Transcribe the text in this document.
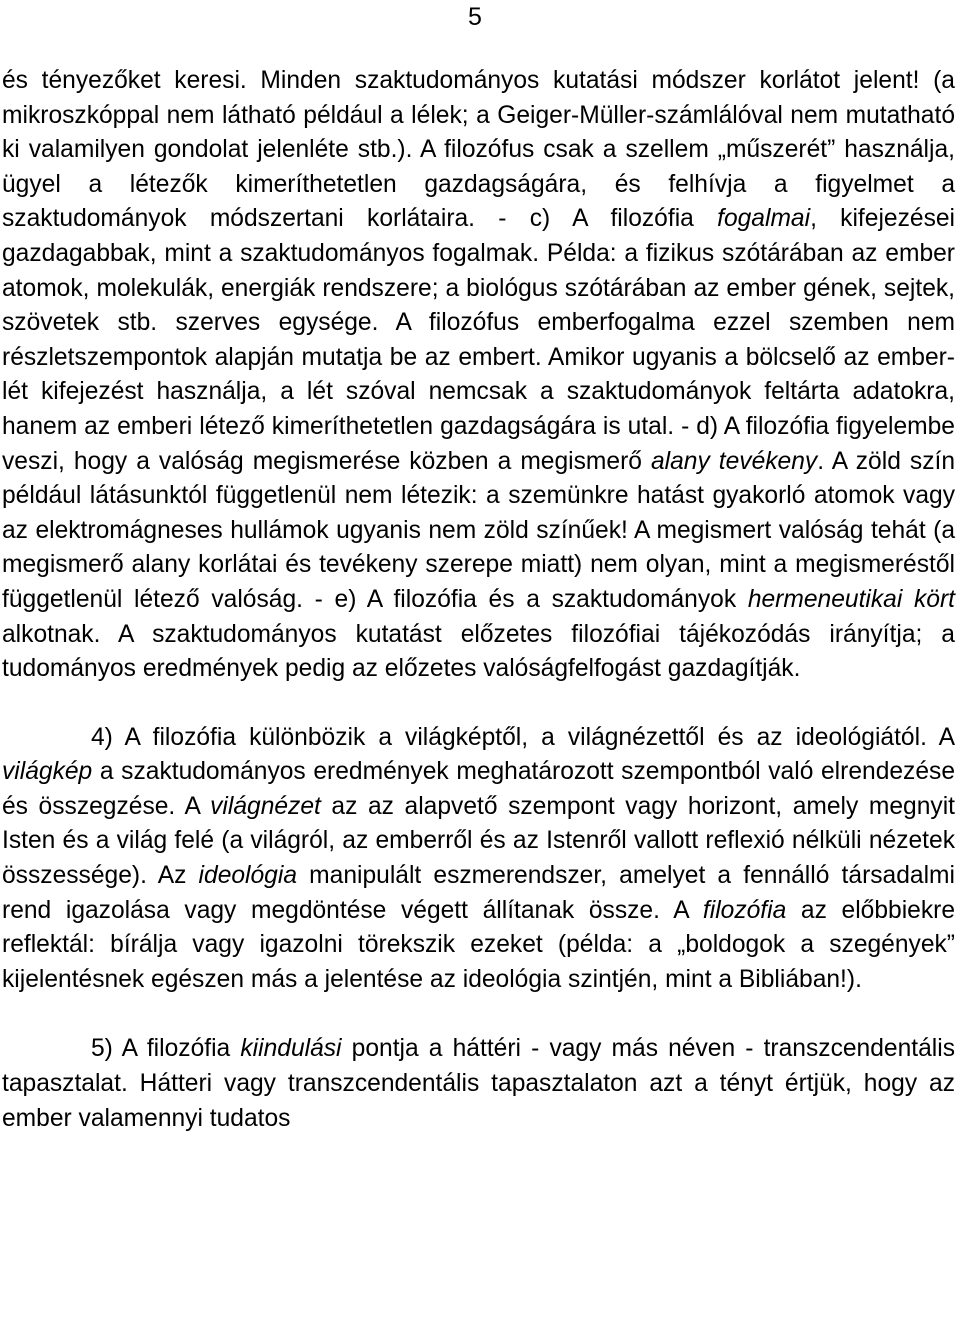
5

és tényezőket keresi. Minden szaktudományos kutatási módszer korlátot jelent! (a mikroszkóppal nem látható például a lélek; a Geiger-Müller-számlálóval nem mutatható ki valamilyen gondolat jelenléte stb.). A filozófus csak a szellem „műszerét” használja, ügyel a létezők kimeríthetetlen gazdagságára, és felhívja a figyelmet a szaktudományok módszertani korlátaira. - c) A filozófia fogalmai, kifejezései gazdagabbak, mint a szaktudományos fogalmak. Példa: a fizikus szótárában az ember atomok, molekulák, energiák rendszere; a biológus szótárában az ember gének, sejtek, szövetek stb. szerves egysége. A filozófus emberfogalma ezzel szemben nem részletszempontok alapján mutatja be az embert. Amikor ugyanis a bölcselő az ember-lét kifejezést használja, a lét szóval nemcsak a szaktudományok feltárta adatokra, hanem az emberi létező kimeríthetetlen gazdagságára is utal. - d) A filozófia figyelembe veszi, hogy a valóság megismerése közben a megismerő alany tevékeny. A zöld szín például látásunktól függetlenül nem létezik: a szemünkre hatást gyakorló atomok vagy az elektromágneses hullámok ugyanis nem zöld színűek! A megismert valóság tehát (a megismerő alany korlátai és tevékeny szerepe miatt) nem olyan, mint a megismeréstől függetlenül létező valóság. - e) A filozófia és a szaktudományok hermeneutikai kört alkotnak. A szaktudományos kutatást előzetes filozófiai tájékozódás irányítja; a tudományos eredmények pedig az előzetes valóságfelfogást gazdagítják.

4) A filozófia különbözik a világképtől, a világnézettől és az ideológiától. A világkép a szaktudományos eredmények meghatározott szempontból való elrendezése és összegzése. A világnézet az az alapvető szempont vagy horizont, amely megnyit Isten és a világ felé (a világról, az emberről és az Istenről vallott reflexió nélküli nézetek összessége). Az ideológia manipulált eszmerendszer, amelyet a fennálló társadalmi rend igazolása vagy megdöntése végett állítanak össze. A filozófia az előbbiekre reflektál: bírálja vagy igazolni törekszik ezeket (példa: a „boldogok a szegények” kijelentésnek egészen más a jelentése az ideológia szintjén, mint a Bibliában!).

5) A filozófia kiindulási pontja a háttéri - vagy más néven - transzcendentális tapasztalat. Hátteri vagy transzcendentális tapasztalaton azt a tényt értjük, hogy az ember valamennyi tudatos
